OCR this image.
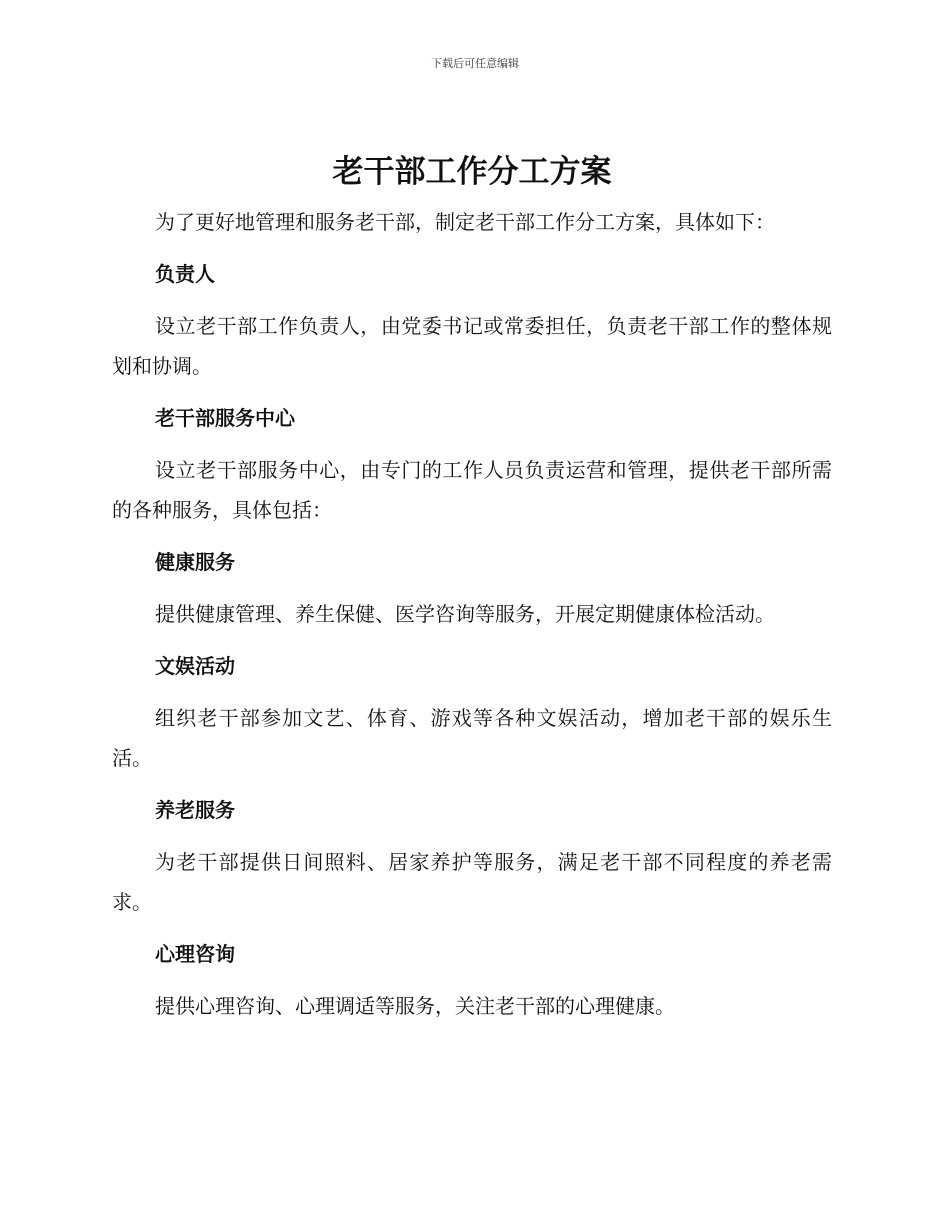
下载后可任意编辑
老干部工作分工方案

为了更好地管理和服务老干部，制定老干部工作分工方案，具体如下：

负责人

设立老干部工作负责人，由党委书记或常委担任，负责老干部工作的整体规划和协调。

老干部服务中心

设立老干部服务中心，由专门的工作人员负责运营和管理，提供老干部所需的各种服务，具体包括：

健康服务

提供健康管理、养生保健、医学咨询等服务，开展定期健康体检活动。

文娱活动

组织老干部参加文艺、体育、游戏等各种文娱活动，增加老干部的娱乐生活。

养老服务

为老干部提供日间照料、居家养护等服务，满足老干部不同程度的养老需求。

心理咨询

提供心理咨询、心理调适等服务，关注老干部的心理健康。
